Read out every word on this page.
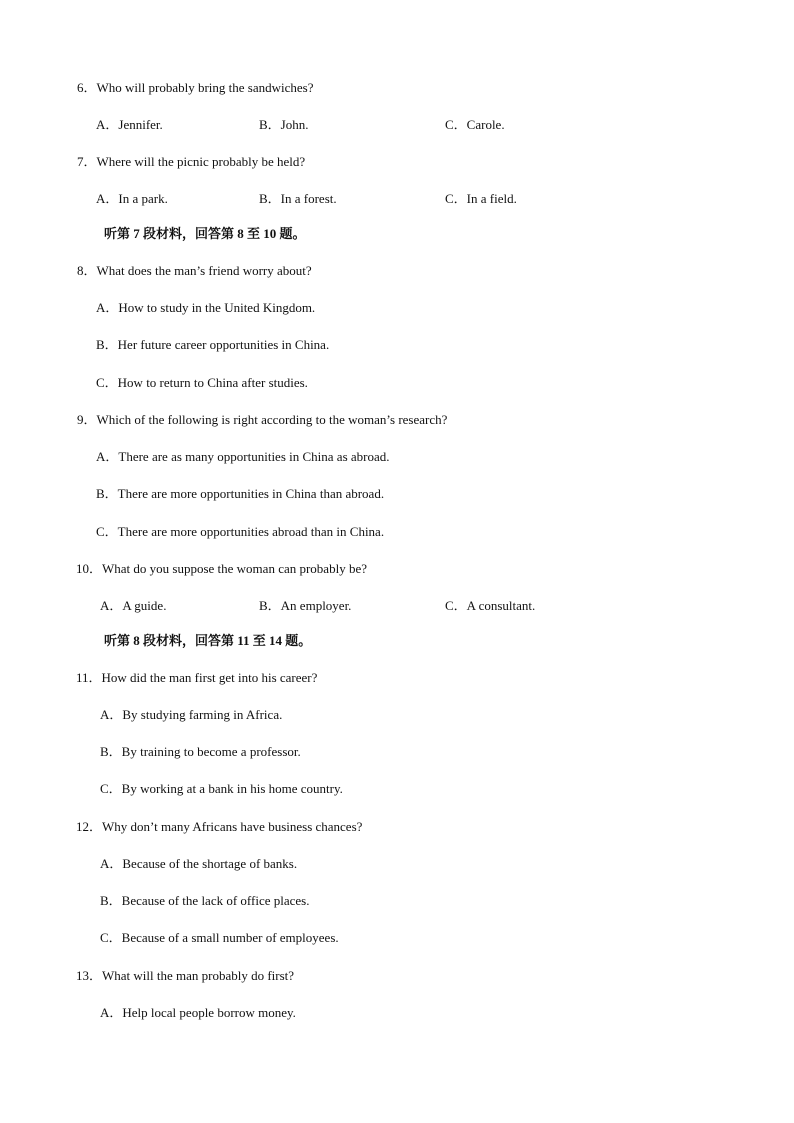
6．Who will probably bring the sandwiches?
A．Jennifer.	B．John.	C．Carole.
7．Where will the picnic probably be held?
A．In a park.	B．In a forest.	C．In a field.
听第 7 段材料，回答第 8 至 10 题。
8．What does the man’s friend worry about?
A．How to study in the United Kingdom.
B．Her future career opportunities in China.
C．How to return to China after studies.
9．Which of the following is right according to the woman’s research?
A．There are as many opportunities in China as abroad.
B．There are more opportunities in China than abroad.
C．There are more opportunities abroad than in China.
10．What do you suppose the woman can probably be?
A．A guide.	B．An employer.	C．A consultant.
听第 8 段材料，回答第 11 至 14 题。
11．How did the man first get into his career?
A．By studying farming in Africa.
B．By training to become a professor.
C．By working at a bank in his home country.
12．Why don’t many Africans have business chances?
A．Because of the shortage of banks.
B．Because of the lack of office places.
C．Because of a small number of employees.
13．What will the man probably do first?
A．Help local people borrow money.
